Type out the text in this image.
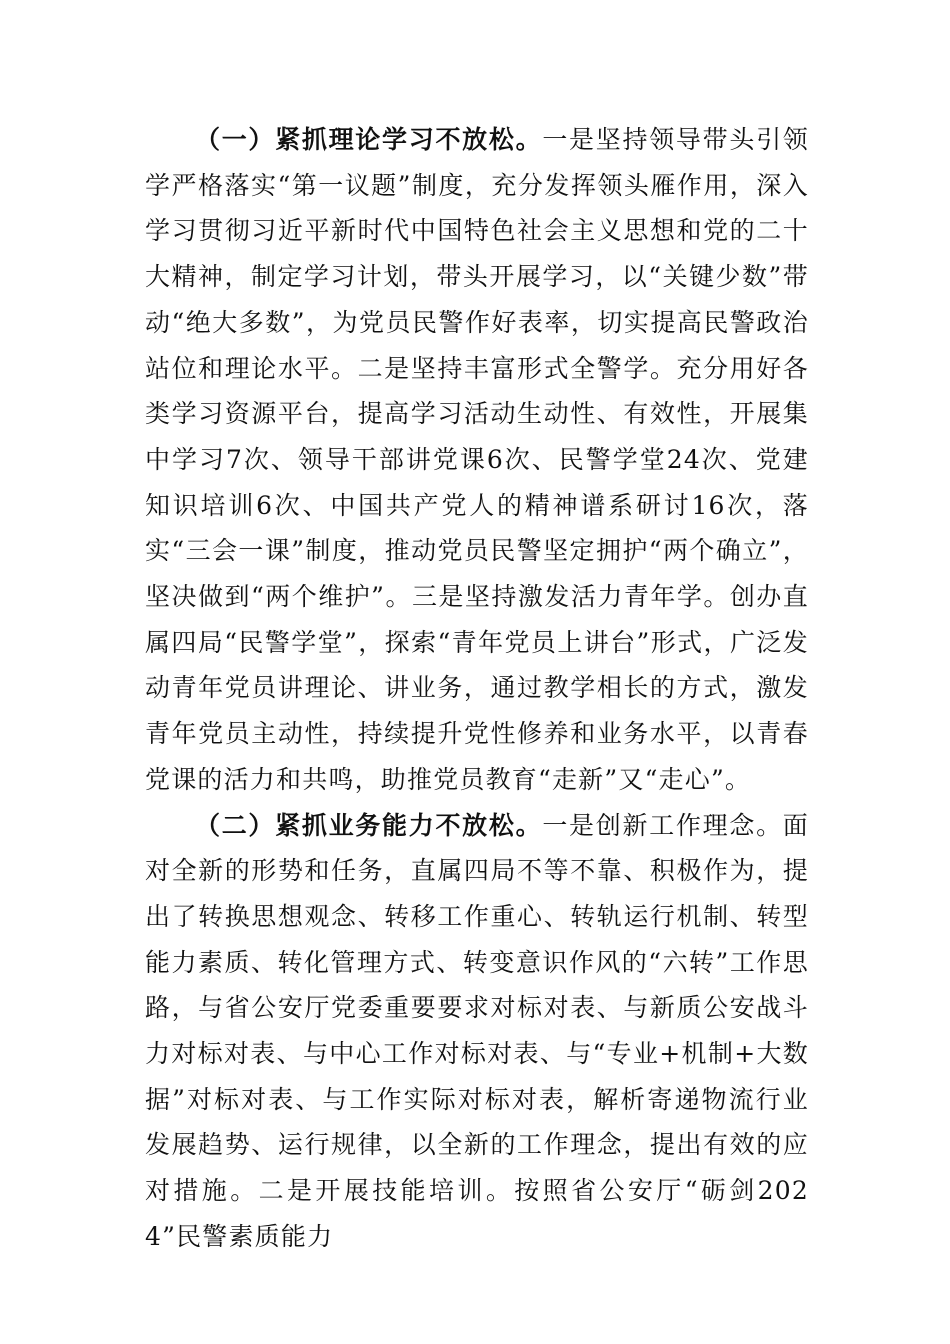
（一）紧抓理论学习不放松。一是坚持领导带头引领学严格落实“第一议题”制度，充分发挥领头雁作用，深入学习贯彻习近平新时代中国特色社会主义思想和党的二十大精神，制定学习计划，带头开展学习，以“关键少数”带动“绝大多数”，为党员民警作好表率，切实提高民警政治站位和理论水平。二是坚持丰富形式全警学。充分用好各类学习资源平台，提高学习活动生动性、有效性，开展集中学习7次、领导干部讲党课6次、民警学堂24次、党建知识培训6次、中国共产党人的精神谱系研讨16次，落实“三会一课”制度，推动党员民警坚定拥护“两个确立”，坚决做到“两个维护”。三是坚持激发活力青年学。创办直属四局“民警学堂”，探索“青年党员上讲台”形式，广泛发动青年党员讲理论、讲业务，通过教学相长的方式，激发青年党员主动性，持续提升党性修养和业务水平，以青春党课的活力和共鸣，助推党员教育“走新”又“走心”。

（二）紧抓业务能力不放松。一是创新工作理念。面对全新的形势和任务，直属四局不等不靠、积极作为，提出了转换思想观念、转移工作重心、转轨运行机制、转型能力素质、转化管理方式、转变意识作风的“六转”工作思路，与省公安厅党委重要要求对标对表、与新质公安战斗力对标对表、与中心工作对标对表、与“专业+机制+大数据”对标对表、与工作实际对标对表，解析寄递物流行业发展趋势、运行规律，以全新的工作理念，提出有效的应对措施。二是开展技能培训。按照省公安厅“砺剑2024”民警素质能力
